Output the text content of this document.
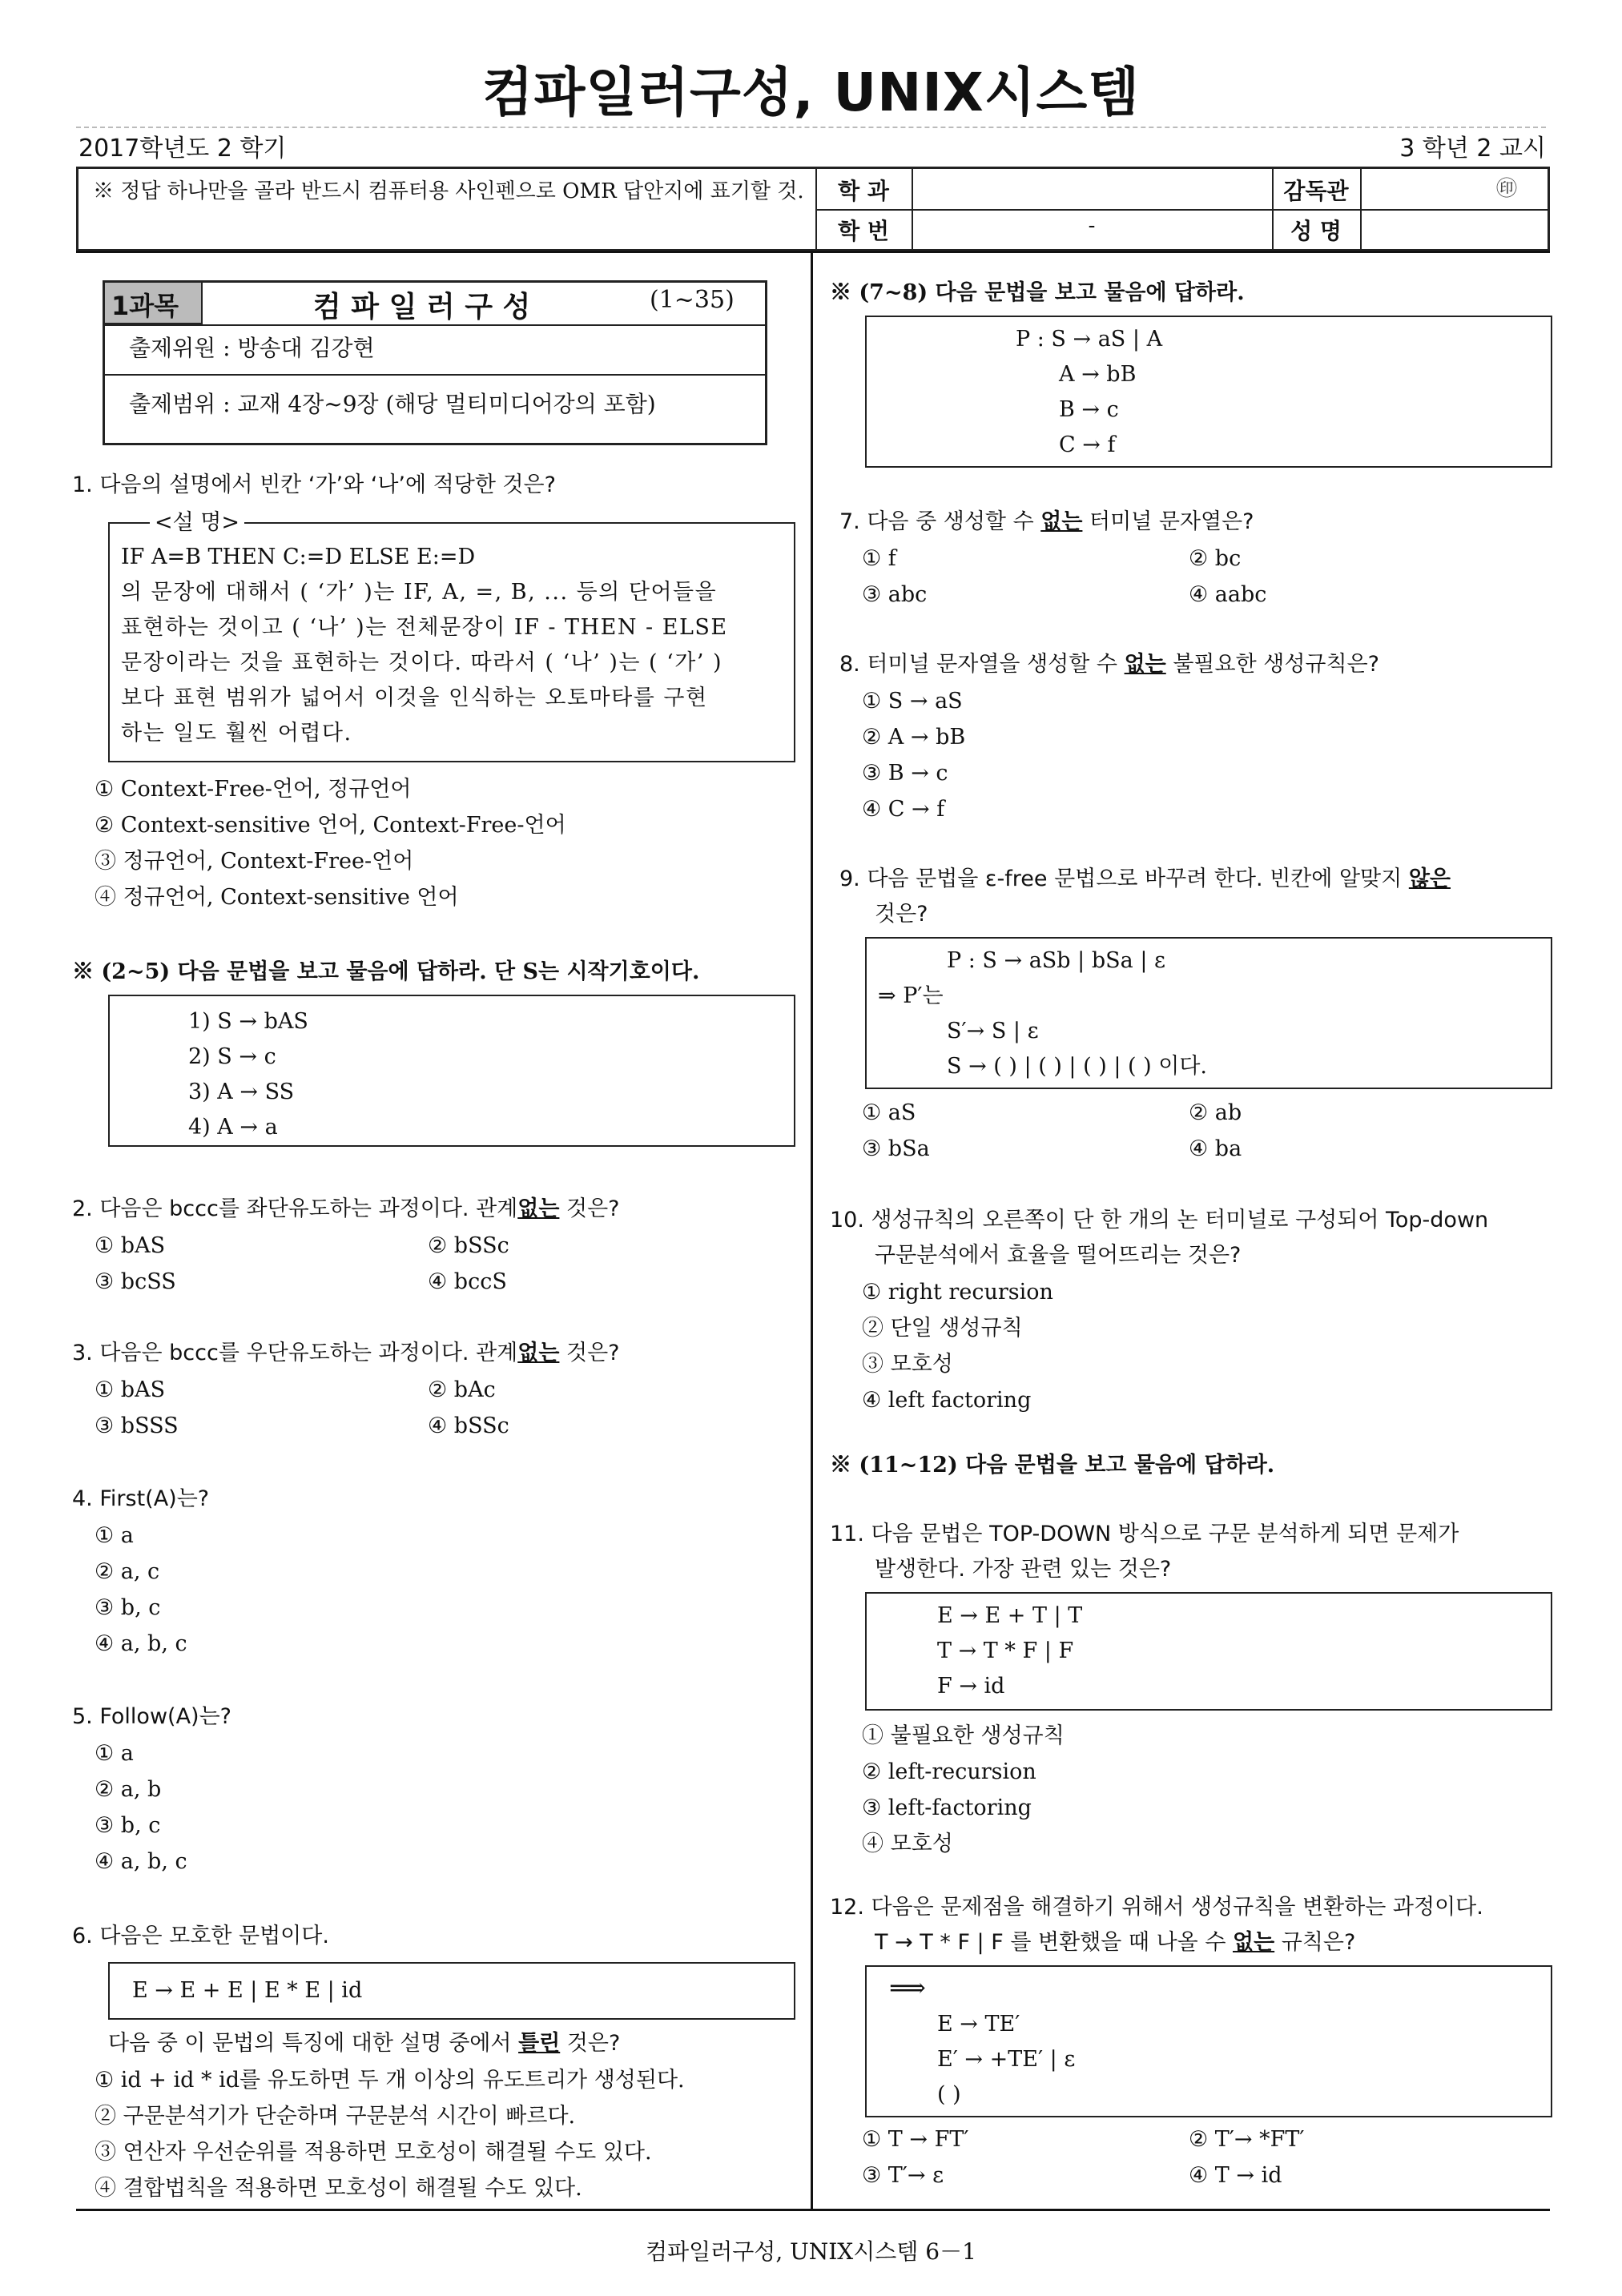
컴파일러구성, UNIX시스템
2017학년도 2 학기	3 학년 2 교시
※ 정답 하나만을 골라 반드시 컴퓨터용 사인펜으로 OMR 답안지에 표기할 것.	학 과
학 번	-
감독관	㊞
성 명
1과목	컴 파 일 러 구 성	(1~35)
출제위원 : 방송대 김강현
출제범위 : 교재 4장~9장 (해당 멀티미디어강의 포함)
1. 다음의 설명에서 빈칸 ‘가’와 ‘나’에 적당한 것은?
<설 명>
IF A=B THEN C:=D ELSE E:=D
의 문장에 대해서 ( ‘가’ )는 IF, A, =, B, ... 등의 단어들을
표현하는 것이고 ( ‘나’ )는 전체문장이 IF - THEN - ELSE
문장이라는 것을 표현하는 것이다. 따라서 ( ‘나’ )는 ( ‘가’ )
보다 표현 범위가 넓어서 이것을 인식하는 오토마타를 구현
하는 일도 훨씬 어렵다.
① Context-Free-언어, 정규언어
② Context-sensitive 언어, Context-Free-언어
③ 정규언어, Context-Free-언어
④ 정규언어, Context-sensitive 언어
※ (2~5) 다음 문법을 보고 물음에 답하라. 단 S는 시작기호이다.
1) S → bAS
2) S → c
3) A → SS
4) A → a
2. 다음은 bccc를 좌단유도하는 과정이다. 관계없는 것은?
① bAS	② bSSc
③ bcSS	④ bccS
3. 다음은 bccc를 우단유도하는 과정이다. 관계없는 것은?
① bAS	② bAc
③ bSSS	④ bSSc
4. First(A)는?
① a
② a, c
③ b, c
④ a, b, c
5. Follow(A)는?
① a
② a, b
③ b, c
④ a, b, c
6. 다음은 모호한 문법이다.
E → E + E | E * E | id
다음 중 이 문법의 특징에 대한 설명 중에서 틀린 것은?
① id + id * id를 유도하면 두 개 이상의 유도트리가 생성된다.
② 구문분석기가 단순하며 구문분석 시간이 빠르다.
③ 연산자 우선순위를 적용하면 모호성이 해결될 수도 있다.
④ 결합법칙을 적용하면 모호성이 해결될 수도 있다.
※ (7~8) 다음 문법을 보고 물음에 답하라.
P : S → aS | A
A → bB
B → c
C → f
7. 다음 중 생성할 수 없는 터미널 문자열은?
① f	② bc
③ abc	④ aabc
8. 터미널 문자열을 생성할 수 없는 불필요한 생성규칙은?
① S → aS
② A → bB
③ B → c
④ C → f
9. 다음 문법을 ε-free 문법으로 바꾸려 한다. 빈칸에 알맞지 않은
것은?
P : S → aSb | bSa | ε
⇒ P′는
S′→ S | ε
S → ( ) | ( ) | ( ) | ( ) 이다.
① aS	② ab
③ bSa	④ ba
10. 생성규칙의 오른쪽이 단 한 개의 논 터미널로 구성되어 Top-down
구문분석에서 효율을 떨어뜨리는 것은?
① right recursion
② 단일 생성규칙
③ 모호성
④ left factoring
※ (11~12) 다음 문법을 보고 물음에 답하라.
11. 다음 문법은 TOP-DOWN 방식으로 구문 분석하게 되면 문제가
발생한다. 가장 관련 있는 것은?
E → E + T | T
T → T * F | F
F → id
① 불필요한 생성규칙
② left-recursion
③ left-factoring
④ 모호성
12. 다음은 문제점을 해결하기 위해서 생성규칙을 변환하는 과정이다.
T → T * F | F 를 변환했을 때 나올 수 없는 규칙은?
⟹
E → TE′
E′ → +TE′ | ε
( )
① T → FT′	② T′→ *FT′
③ T′→ ε	④ T → id
컴파일러구성, UNIX시스템 6－1
